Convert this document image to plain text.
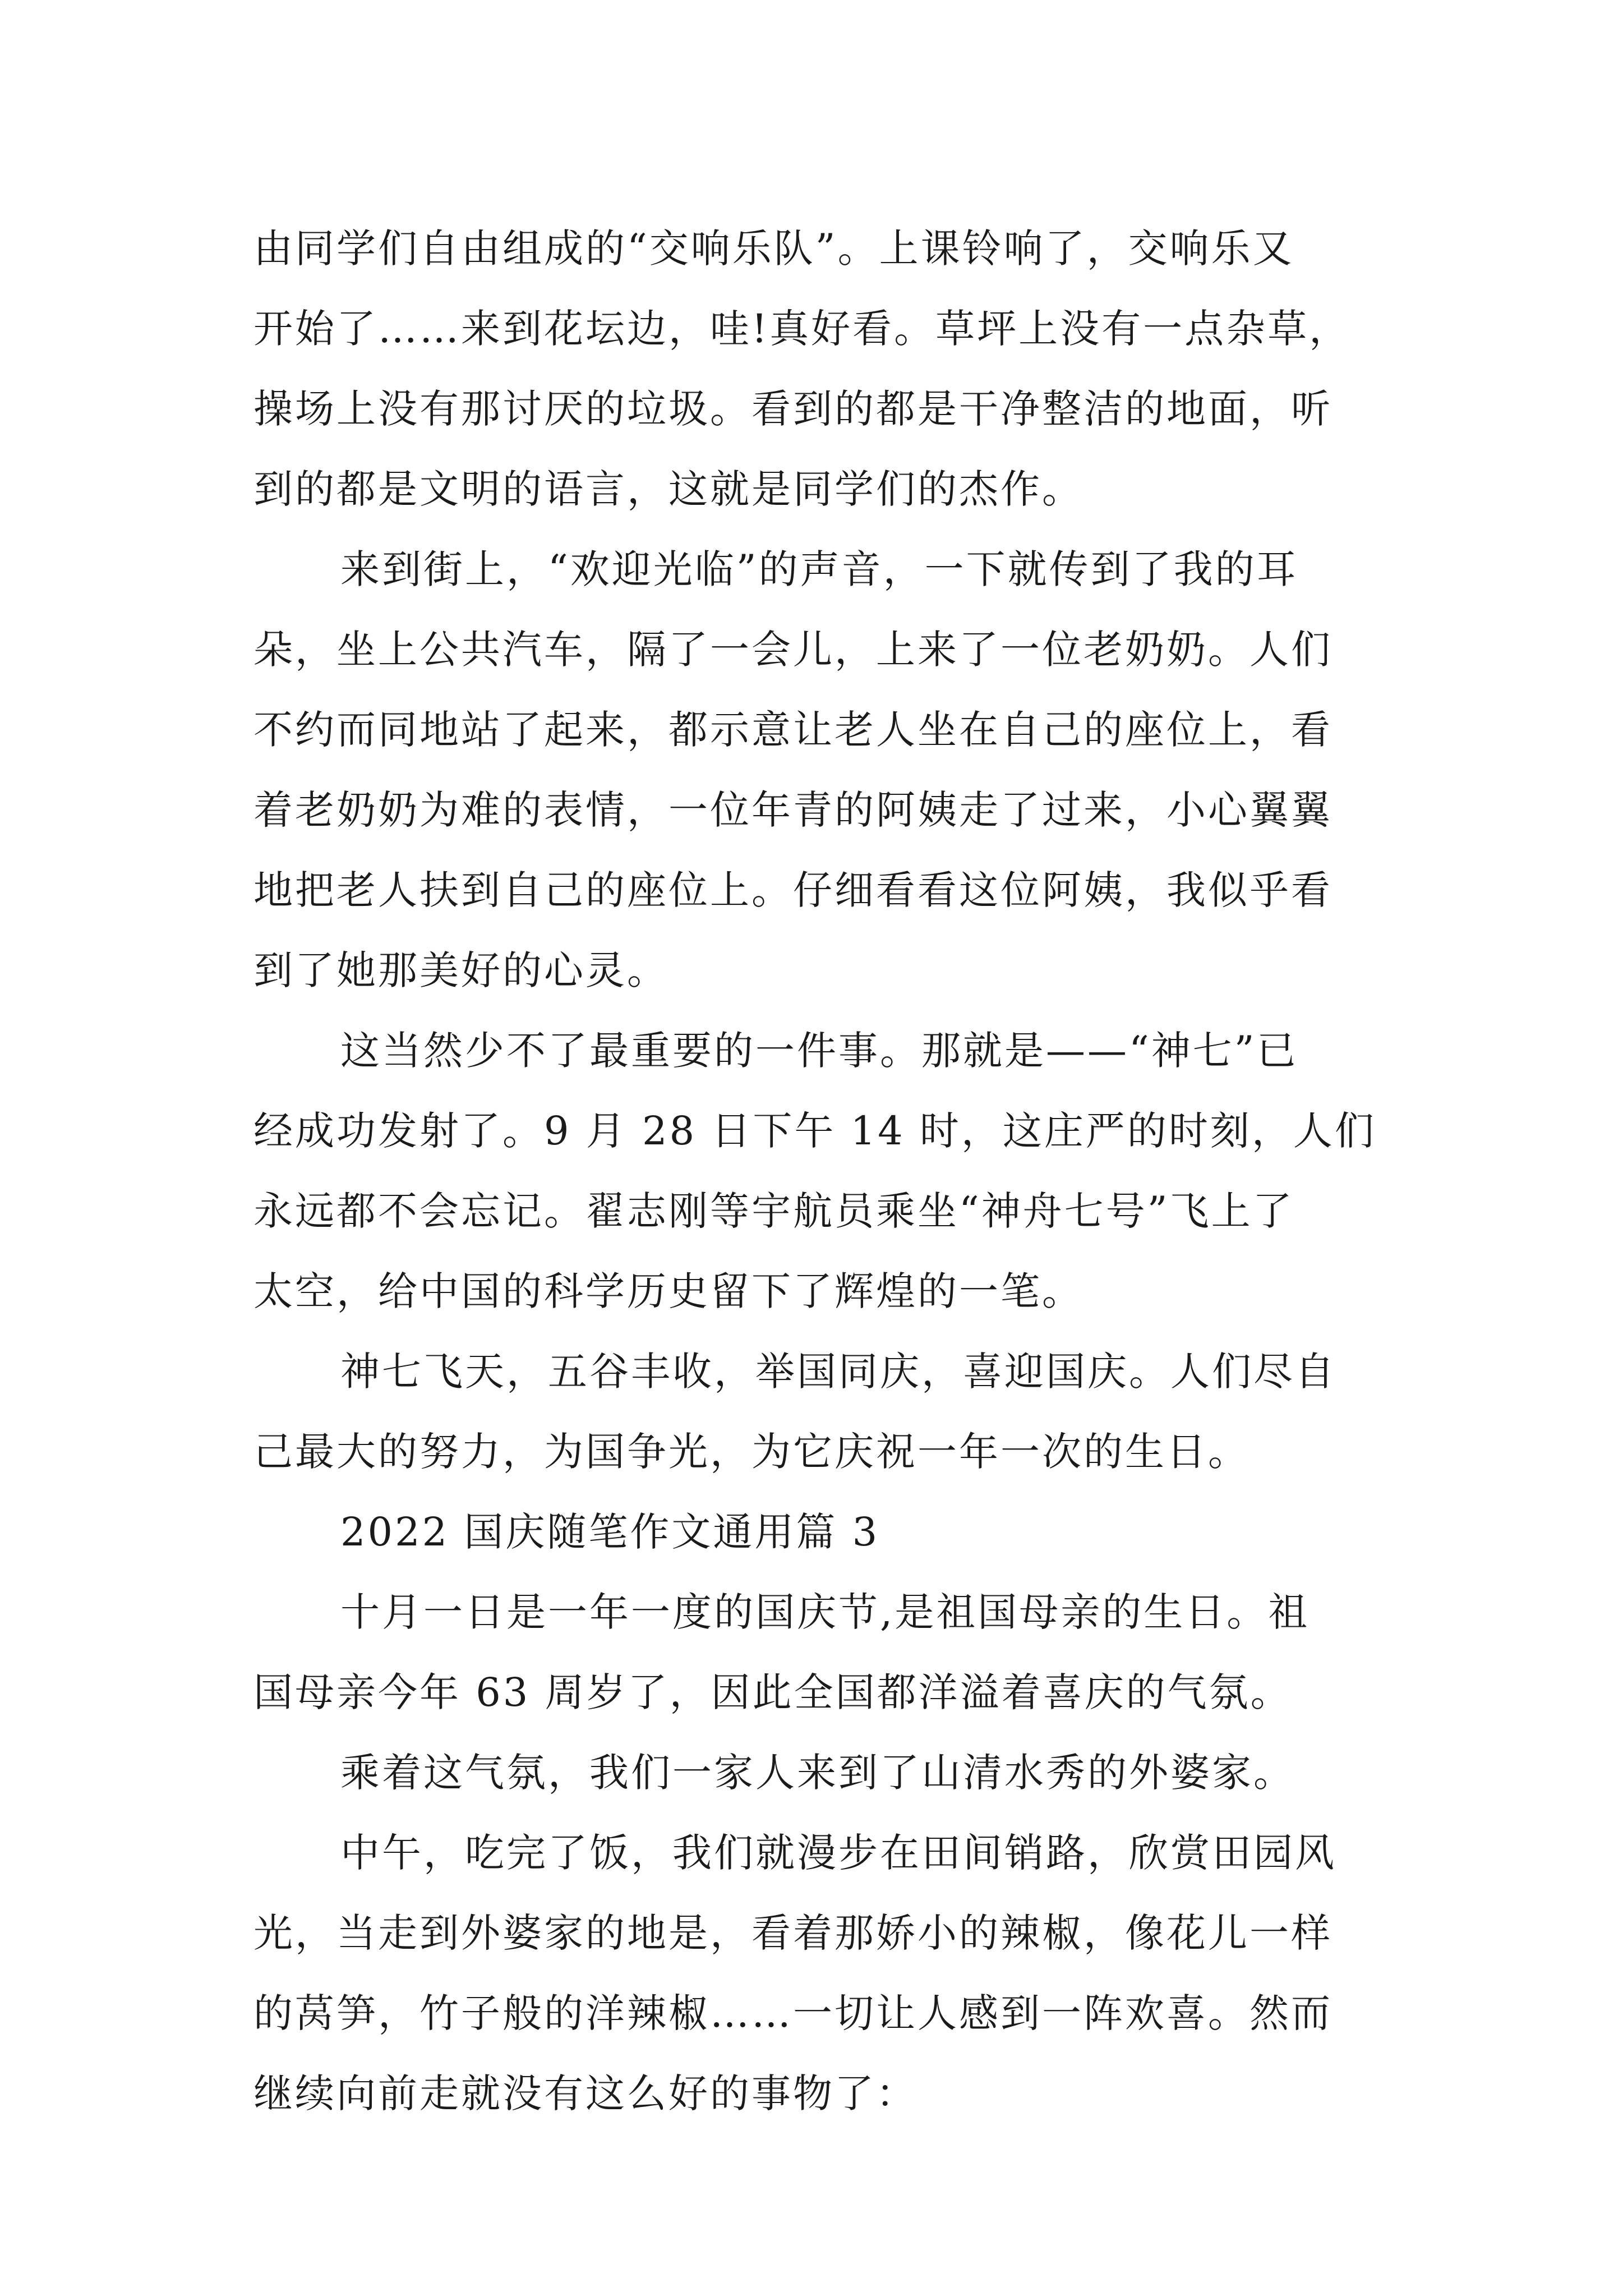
由同学们自由组成的“交响乐队”。上课铃响了，交响乐又
开始了……来到花坛边，哇!真好看。草坪上没有一点杂草，
操场上没有那讨厌的垃圾。看到的都是干净整洁的地面，听
到的都是文明的语言，这就是同学们的杰作。
来到街上，“欢迎光临”的声音，一下就传到了我的耳
朵，坐上公共汽车，隔了一会儿，上来了一位老奶奶。人们
不约而同地站了起来，都示意让老人坐在自己的座位上，看
着老奶奶为难的表情，一位年青的阿姨走了过来，小心翼翼
地把老人扶到自己的座位上。仔细看看这位阿姨，我似乎看
到了她那美好的心灵。
这当然少不了最重要的一件事。那就是——“神七”已
经成功发射了。9 月 28 日下午 14 时，这庄严的时刻，人们
永远都不会忘记。翟志刚等宇航员乘坐“神舟七号”飞上了
太空，给中国的科学历史留下了辉煌的一笔。
神七飞天，五谷丰收，举国同庆，喜迎国庆。人们尽自
己最大的努力，为国争光，为它庆祝一年一次的生日。
2022 国庆随笔作文通用篇 3
十月一日是一年一度的国庆节,是祖国母亲的生日。祖
国母亲今年 63 周岁了，因此全国都洋溢着喜庆的气氛。
乘着这气氛，我们一家人来到了山清水秀的外婆家。
中午，吃完了饭，我们就漫步在田间销路，欣赏田园风
光，当走到外婆家的地是，看着那娇小的辣椒，像花儿一样
的莴笋，竹子般的洋辣椒……一切让人感到一阵欢喜。然而
继续向前走就没有这么好的事物了：
